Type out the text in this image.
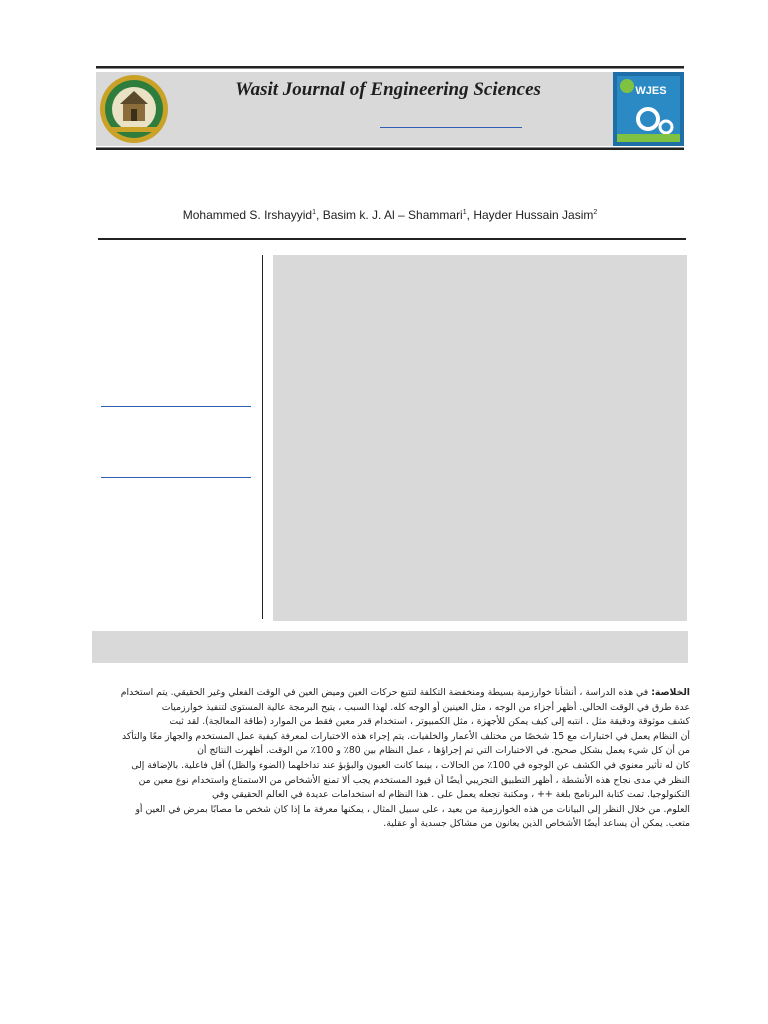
Wasit Journal of Engineering Sciences	WJES
Mohammed S. Irshayyid$^1$, Basim k. J. Al – Shammari$^1$, Hayder Hussain Jasim$^2$
الخلاصة: في هذه الدراسة ، أنشأنا خوارزمية بسيطة ومنخفضة التكلفة لتتبع حركات العين وميض العين في الوقت الفعلي وغير الحقيقي. يتم استخدام
عدة طرق في الوقت الحالي. أظهر أجزاء من الوجه ، مثل العينين أو الوجه كله. لهذا السبب ، يتيح البرمجة عالية المستوى لتنفيذ خوارزميات
كشف موثوقة ودقيقة مثل . انتبه إلى كيف يمكن للأجهزة ، مثل الكمبيوتر ، استخدام قدر معين فقط من الموارد (طاقة المعالجة). لقد ثبت
أن النظام يعمل في اختبارات مع 15 شخصًا من مختلف الأعمار والخلفيات. يتم إجراء هذه الاختبارات لمعرفة كيفية عمل المستخدم والجهاز معًا والتأكد
من أن كل شيء يعمل بشكل صحيح. في الاختبارات التي تم إجراؤها ، عمل النظام بين 80٪ و 100٪ من الوقت. أظهرت النتائج أن
كان له تأثير معنوي في الكشف عن الوجوه في 100٪ من الحالات ، بينما كانت العيون والبؤبؤ عند تداخلهما (الضوء والظل) أقل فاعلية. بالإضافة إلى
النظر في مدى نجاح هذه الأنشطة ، أظهر التطبيق التجريبي أيضًا أن قيود المستخدم يجب ألا تمنع الأشخاص من الاستمتاع واستخدام نوع معين من
التكنولوجيا. تمت كتابة البرنامج بلغة ++ ، ومكتبة تجعله يعمل على . هذا النظام له استخدامات عديدة في العالم الحقيقي وفي
العلوم. من خلال النظر إلى البيانات من هذه الخوارزمية من بعيد ، على سبيل المثال ، يمكنها معرفة ما إذا كان شخص ما مصابًا بمرض في العين أو
متعب. يمكن أن يساعد أيضًا الأشخاص الذين يعانون من مشاكل جسدية أو عقلية.
